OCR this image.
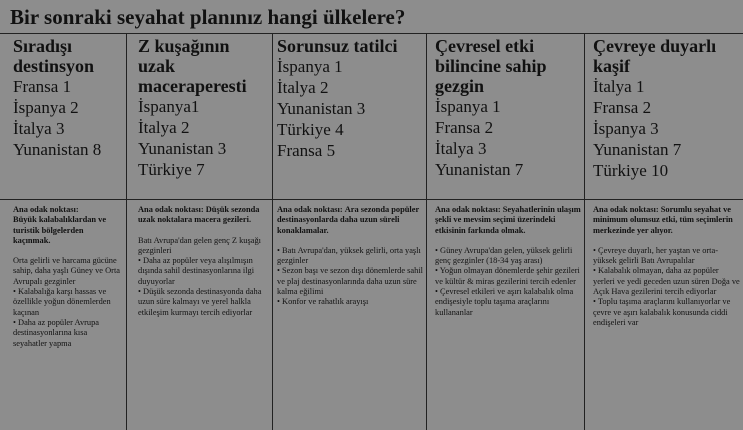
Bir sonraki seyahat planınız hangi ülkelere?
Sıradışı destinsyon
Fransa 1
İspanya 2
İtalya 3
Yunanistan 8
Ana odak noktası:
Büyük kalabalıklardan ve turistik bölgelerden kaçınmak.
Orta gelirli ve harcama gücüne sahip, daha yaşlı Güney ve Orta Avrupalı gezginler
• Kalabalığa karşı hassas ve özellikle yoğun dönemlerden kaçınan
• Daha az popüler Avrupa destinasyonlarına kısa seyahatler yapma
Z kuşağının uzak maceraperesti
İspanya1
İtalya 2
Yunanistan 3
Türkiye 7
Ana odak noktası: Düşük sezonda uzak noktalara macera gezileri.
Batı Avrupa'dan gelen genç Z kuşağı gezginleri
• Daha az popüler veya alışılmışın dışında sahil destinasyonlarına ilgi duyuyorlar
• Düşük sezonda destinasyonda daha uzun süre kalmayı ve yerel halkla etkileşim kurmayı tercih ediyorlar
Sorunsuz tatilci
İspanya 1
İtalya 2
Yunanistan 3
Türkiye 4
Fransa 5
Ana odak noktası: Ara sezonda popüler destinasyonlarda daha uzun süreli konaklamalar.
• Batı Avrupa'dan, yüksek gelirli, orta yaşlı gezginler
• Sezon başı ve sezon dışı dönemlerde sahil ve plaj destinasyonlarında daha uzun süre kalma eğilimi
• Konfor ve rahatlık arayışı
Çevresel etki bilincine sahip gezgin
İspanya 1
Fransa 2
İtalya 3
Yunanistan 7
Ana odak noktası: Seyahatlerinin ulaşım şekli ve mevsim seçimi üzerindeki etkisinin farkında olmak.
• Güney Avrupa'dan gelen, yüksek gelirli genç gezginler (18-34 yaş arası)
• Yoğun olmayan dönemlerde şehir gezileri ve kültür & miras gezilerini tercih edenler
• Çevresel etkileri ve aşırı kalabalık olma endişesiyle toplu taşıma araçlarını kullananlar
Çevreye duyarlı kaşif
İtalya 1
Fransa 2
İspanya 3
Yunanistan 7
Türkiye 10
Ana odak noktası: Sorumlu seyahat ve minimum olumsuz etki, tüm seçimlerin merkezinde yer alıyor.
• Çevreye duyarlı, her yaştan ve orta-yüksek gelirli Batı Avrupalılar
• Kalabalık olmayan, daha az popüler yerleri ve yedi geceden uzun süren Doğa ve Açık Hava gezilerini tercih ediyorlar
• Toplu taşıma araçlarını kullanıyorlar ve çevre ve aşırı kalabalık konusunda ciddi endişeleri var
